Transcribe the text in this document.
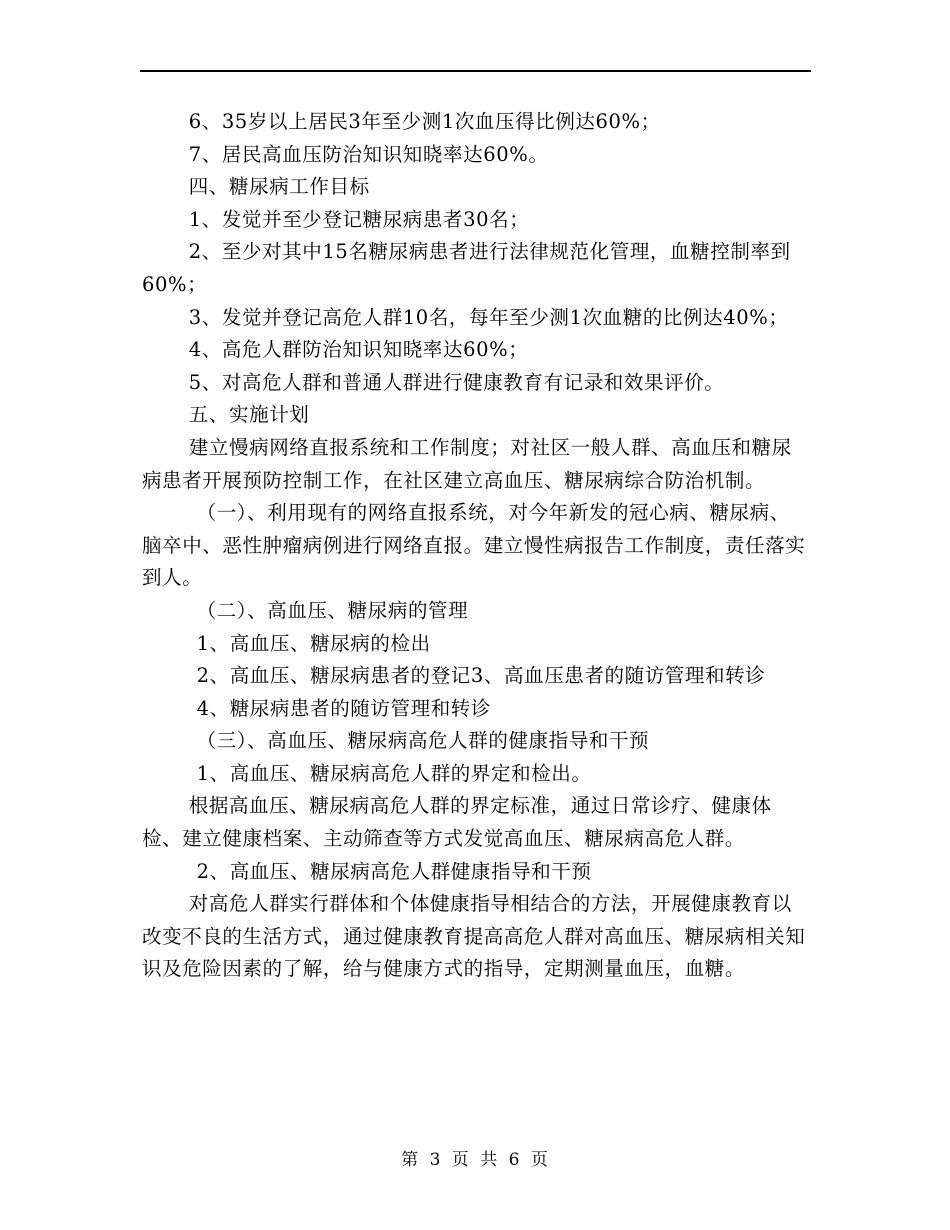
6、35岁以上居民3年至少测1次血压得比例达60%；

7、居民高血压防治知识知晓率达60%。

四、糖尿病工作目标

1、发觉并至少登记糖尿病患者30名；

2、至少对其中15名糖尿病患者进行法律规范化管理，血糖控制率到60%；

3、发觉并登记高危人群10名，每年至少测1次血糖的比例达40%；

4、高危人群防治知识知晓率达60%；

5、对高危人群和普通人群进行健康教育有记录和效果评价。

五、实施计划

建立慢病网络直报系统和工作制度；对社区一般人群、高血压和糖尿病患者开展预防控制工作，在社区建立高血压、糖尿病综合防治机制。

（一）、利用现有的网络直报系统，对今年新发的冠心病、糖尿病、脑卒中、恶性肿瘤病例进行网络直报。建立慢性病报告工作制度，责任落实到人。

（二）、高血压、糖尿病的管理

1、高血压、糖尿病的检出

2、高血压、糖尿病患者的登记3、高血压患者的随访管理和转诊

4、糖尿病患者的随访管理和转诊

（三）、高血压、糖尿病高危人群的健康指导和干预

1、高血压、糖尿病高危人群的界定和检出。

根据高血压、糖尿病高危人群的界定标准，通过日常诊疗、健康体检、建立健康档案、主动筛查等方式发觉高血压、糖尿病高危人群。

2、高血压、糖尿病高危人群健康指导和干预

对高危人群实行群体和个体健康指导相结合的方法，开展健康教育以改变不良的生活方式，通过健康教育提高高危人群对高血压、糖尿病相关知识及危险因素的了解，给与健康方式的指导，定期测量血压，血糖。

第 3 页 共 6 页
